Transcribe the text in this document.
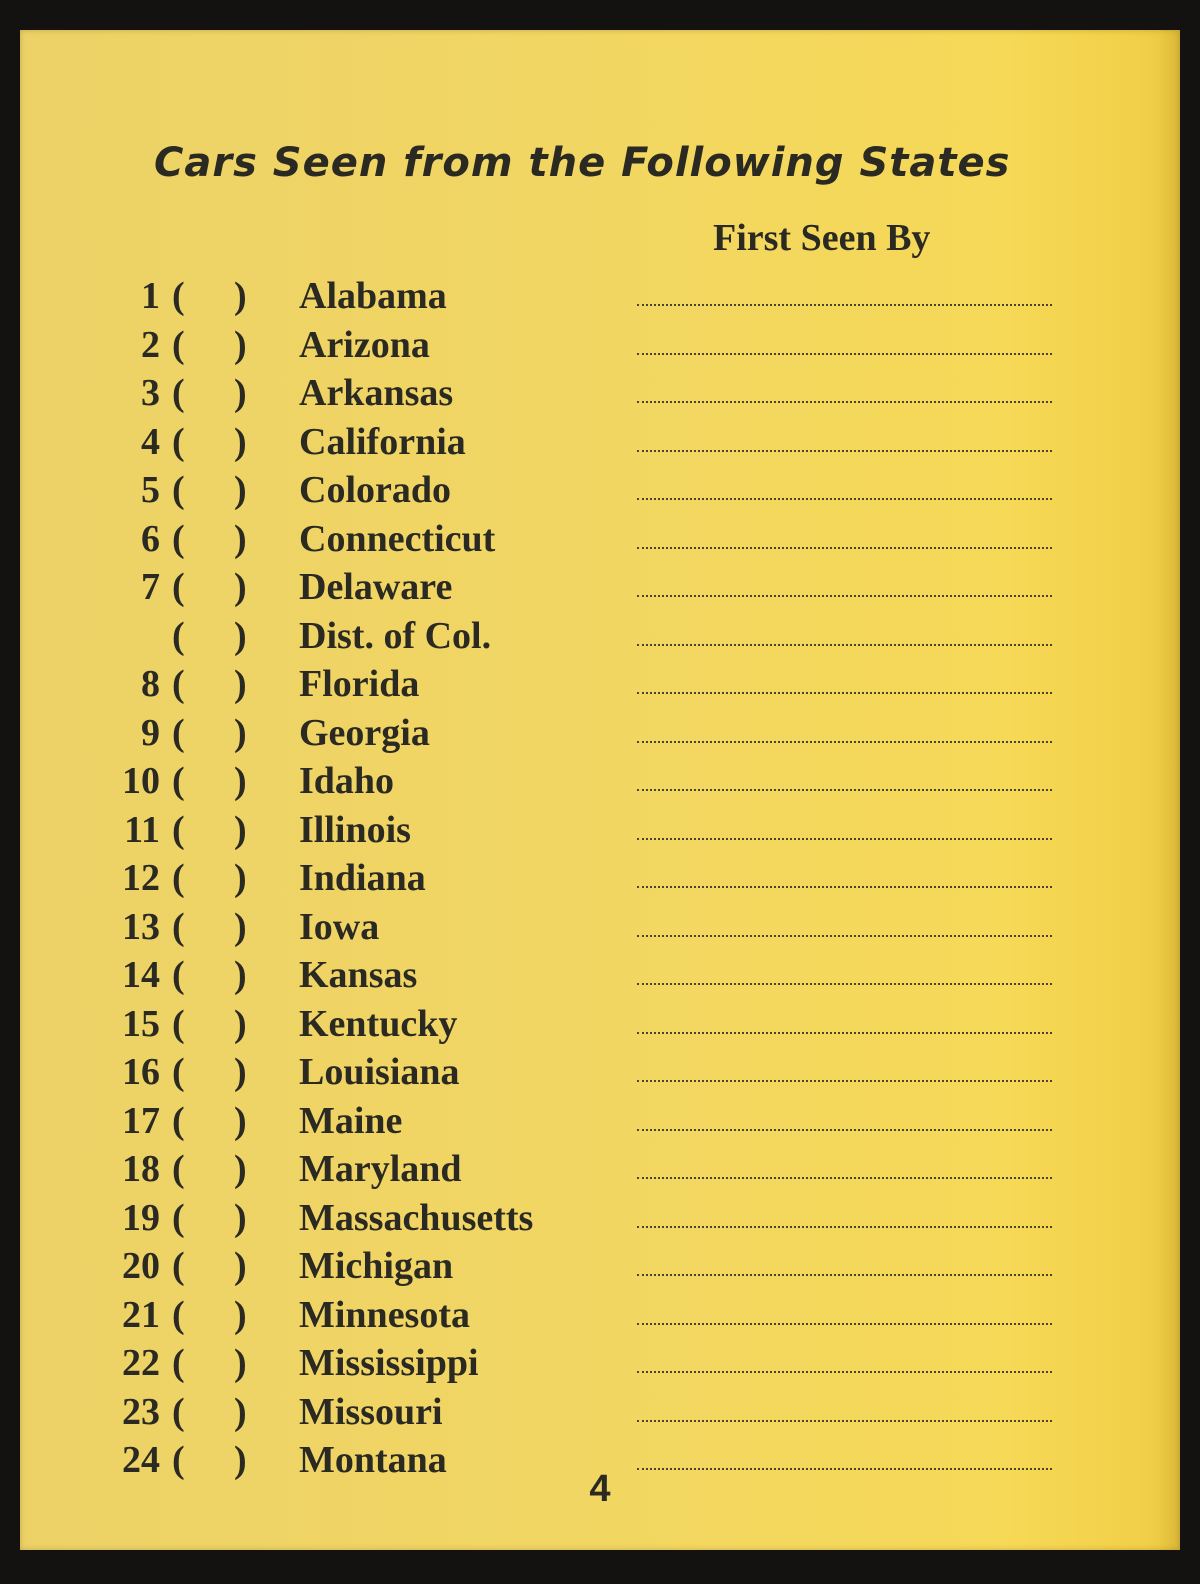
Cars Seen from the Following States
First Seen By
1 ( ) Alabama
2 ( ) Arizona
3 ( ) Arkansas
4 ( ) California
5 ( ) Colorado
6 ( ) Connecticut
7 ( ) Delaware
( ) Dist. of Col.
8 ( ) Florida
9 ( ) Georgia
10 ( ) Idaho
11 ( ) Illinois
12 ( ) Indiana
13 ( ) Iowa
14 ( ) Kansas
15 ( ) Kentucky
16 ( ) Louisiana
17 ( ) Maine
18 ( ) Maryland
19 ( ) Massachusetts
20 ( ) Michigan
21 ( ) Minnesota
22 ( ) Mississippi
23 ( ) Missouri
24 ( ) Montana
4
